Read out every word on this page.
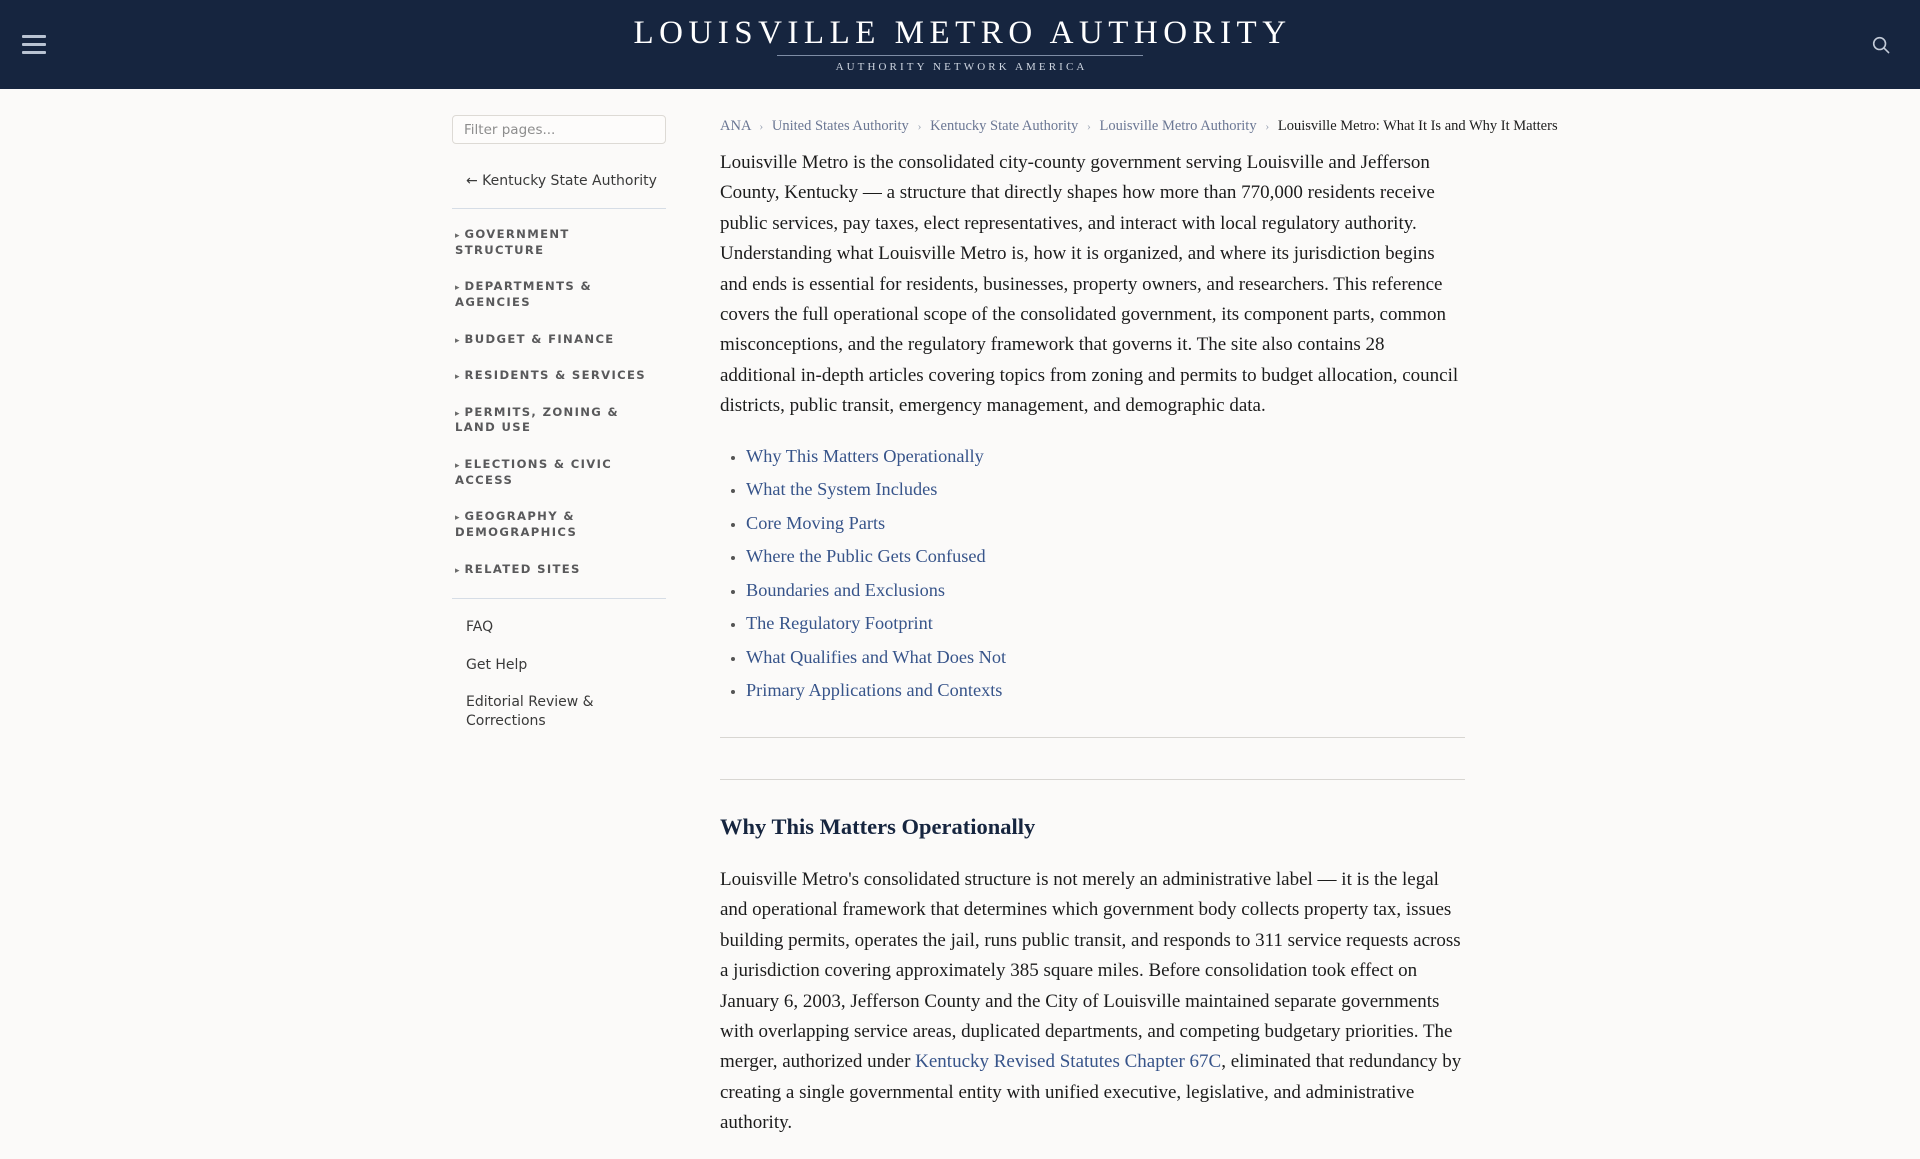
LOUISVILLE METRO AUTHORITY
AUTHORITY NETWORK AMERICA
Filter pages...
← Kentucky State Authority
▸ GOVERNMENT STRUCTURE
▸ DEPARTMENTS & AGENCIES
▸ BUDGET & FINANCE
▸ RESIDENTS & SERVICES
▸ PERMITS, ZONING & LAND USE
▸ ELECTIONS & CIVIC ACCESS
▸ GEOGRAPHY & DEMOGRAPHICS
▸ RELATED SITES
FAQ
Get Help
Editorial Review & Corrections
ANA › United States Authority › Kentucky State Authority › Louisville Metro Authority › Louisville Metro: What It Is and Why It Matters

Louisville Metro is the consolidated city-county government serving Louisville and Jefferson County, Kentucky — a structure that directly shapes how more than 770,000 residents receive public services, pay taxes, elect representatives, and interact with local regulatory authority. Understanding what Louisville Metro is, how it is organized, and where its jurisdiction begins and ends is essential for residents, businesses, property owners, and researchers. This reference covers the full operational scope of the consolidated government, its component parts, common misconceptions, and the regulatory framework that governs it. The site also contains 28 additional in-depth articles covering topics from zoning and permits to budget allocation, council districts, public transit, emergency management, and demographic data.

• Why This Matters Operationally
• What the System Includes
• Core Moving Parts
• Where the Public Gets Confused
• Boundaries and Exclusions
• The Regulatory Footprint
• What Qualifies and What Does Not
• Primary Applications and Contexts
Why This Matters Operationally

Louisville Metro's consolidated structure is not merely an administrative label — it is the legal and operational framework that determines which government body collects property tax, issues building permits, operates the jail, runs public transit, and responds to 311 service requests across a jurisdiction covering approximately 385 square miles. Before consolidation took effect on January 6, 2003, Jefferson County and the City of Louisville maintained separate governments with overlapping service areas, duplicated departments, and competing budgetary priorities. The merger, authorized under Kentucky Revised Statutes Chapter 67C, eliminated that redundancy by creating a single governmental entity with unified executive, legislative, and administrative authority.
